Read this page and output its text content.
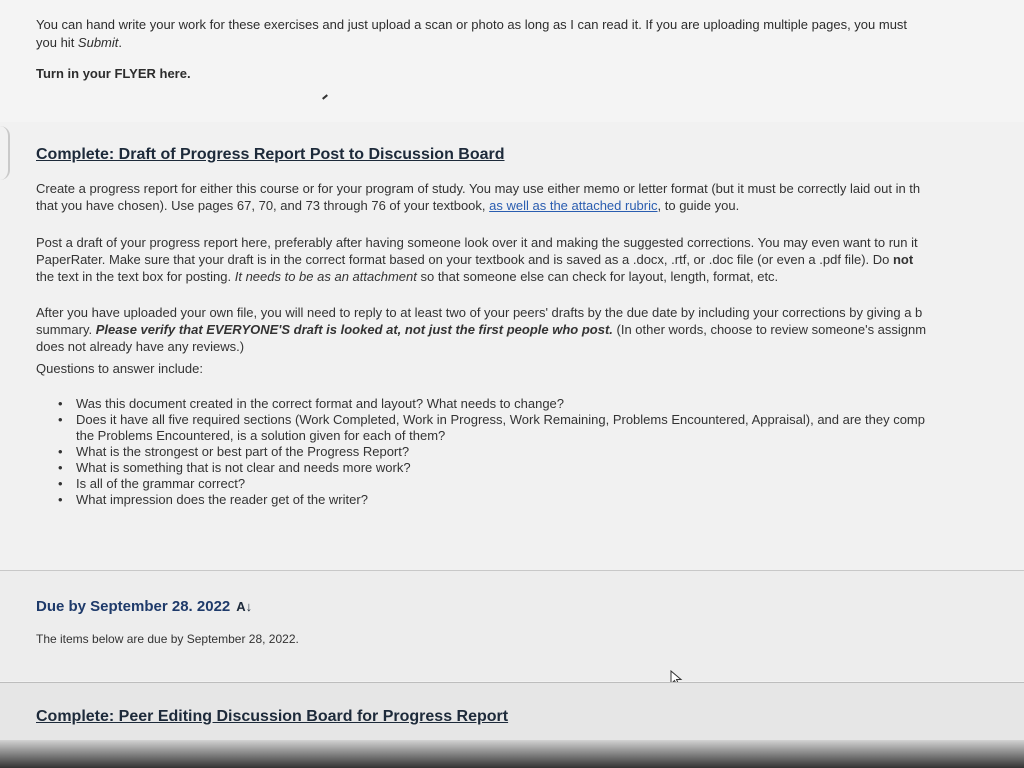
You can hand write your work for these exercises and just upload a scan or photo as long as I can read it. If you are uploading multiple pages, you must
you hit Submit.
Turn in your FLYER here.
Complete: Draft of Progress Report Post to Discussion Board
Create a progress report for either this course or for your program of study. You may use either memo or letter format (but it must be correctly laid out in th
that you have chosen). Use pages 67, 70, and 73 through 76 of your textbook, as well as the attached rubric, to guide you.
Post a draft of your progress report here, preferably after having someone look over it and making the suggested corrections. You may even want to run it
PaperRater. Make sure that your draft is in the correct format based on your textbook and is saved as a .docx, .rtf, or .doc file (or even a .pdf file). Do not
the text in the text box for posting. It needs to be as an attachment so that someone else can check for layout, length, format, etc.
After you have uploaded your own file, you will need to reply to at least two of your peers' drafts by the due date by including your corrections by giving a b
summary. Please verify that EVERYONE'S draft is looked at, not just the first people who post. (In other words, choose to review someone's assignm
does not already have any reviews.)
Questions to answer include:
• Was this document created in the correct format and layout? What needs to change?
• Does it have all five required sections (Work Completed, Work in Progress, Work Remaining, Problems Encountered, Appraisal), and are they comp
the Problems Encountered, is a solution given for each of them?
• What is the strongest or best part of the Progress Report?
• What is something that is not clear and needs more work?
• Is all of the grammar correct?
• What impression does the reader get of the writer?
Due by September 28. 2022 A↓
The items below are due by September 28, 2022.
Complete: Peer Editing Discussion Board for Progress Report
